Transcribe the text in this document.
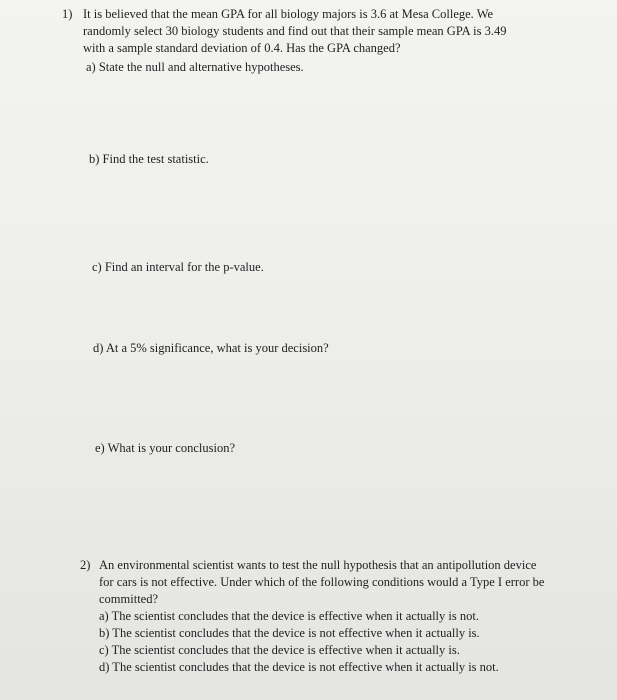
1) It is believed that the mean GPA for all biology majors is 3.6 at Mesa College. We
randomly select 30 biology students and find out that their sample mean GPA is 3.49
with a sample standard deviation of 0.4. Has the GPA changed?
a) State the null and alternative hypotheses.
b) Find the test statistic.
c) Find an interval for the p-value.
d) At a 5% significance, what is your decision?
e) What is your conclusion?
2) An environmental scientist wants to test the null hypothesis that an antipollution device
for cars is not effective. Under which of the following conditions would a Type I error be
committed?
a) The scientist concludes that the device is effective when it actually is not.
b) The scientist concludes that the device is not effective when it actually is.
c) The scientist concludes that the device is effective when it actually is.
d) The scientist concludes that the device is not effective when it actually is not.
